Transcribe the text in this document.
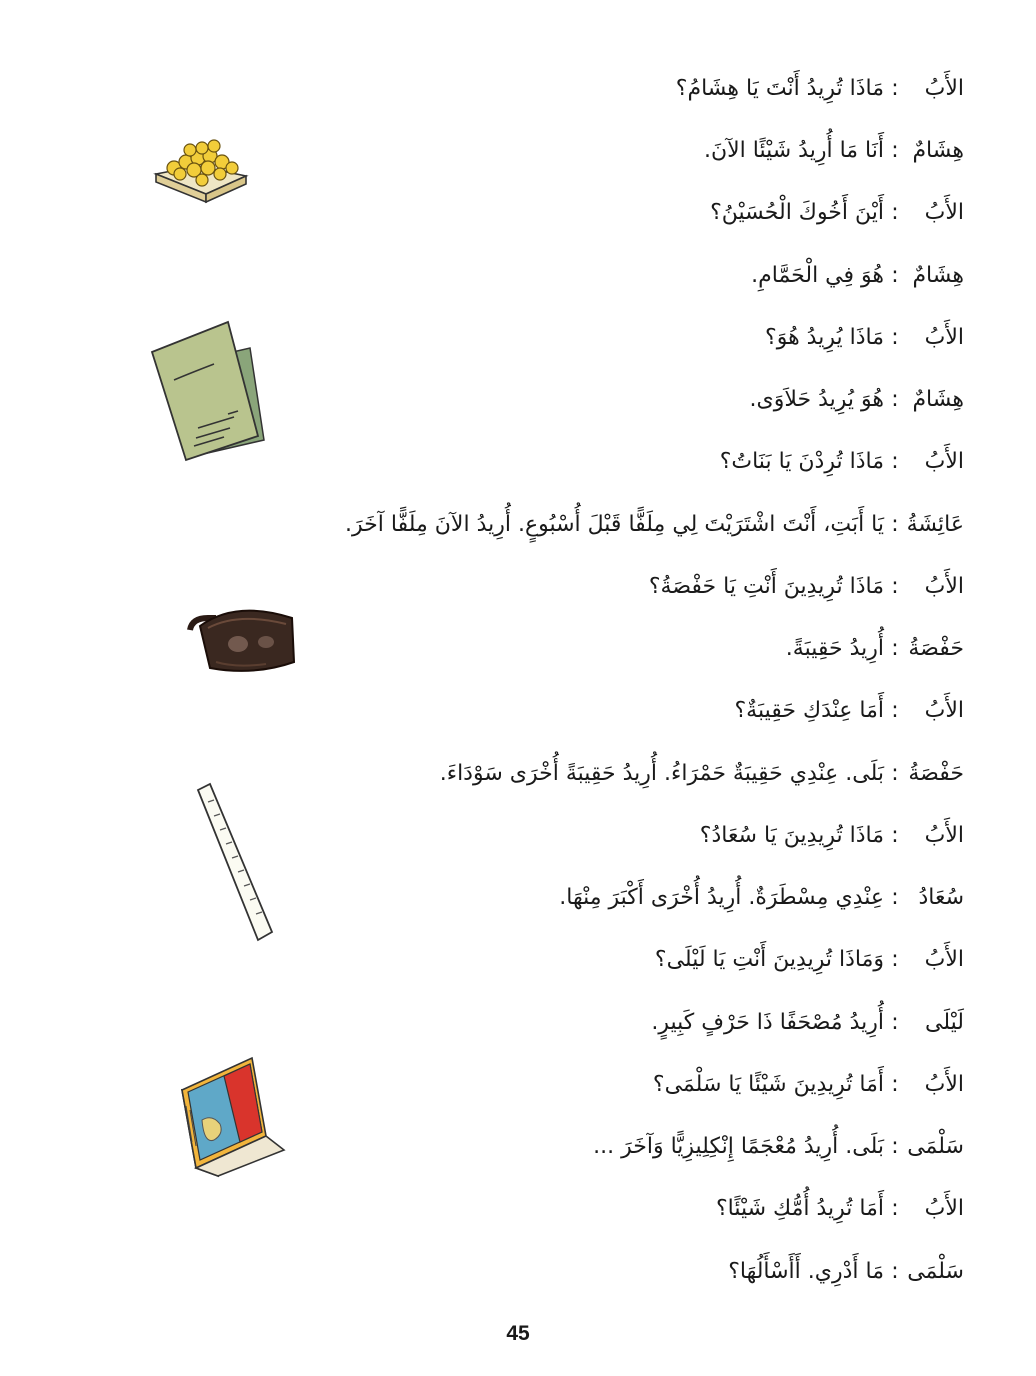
الأَبُ
:
مَاذَا تُرِيدُ أَنْتَ يَا هِشَامُ؟
هِشَامٌ
:
أَنَا مَا أُرِيدُ شَيْئًا الآنَ.
الأَبُ
:
أَيْنَ أَخُوكَ الْحُسَيْنُ؟
هِشَامٌ
:
هُوَ فِي الْحَمَّامِ.
الأَبُ
:
مَاذَا يُرِيدُ هُوَ؟
هِشَامٌ
:
هُوَ يُرِيدُ حَلاَوَى.
الأَبُ
:
مَاذَا تُرِدْنَ يَا بَنَاتُ؟
عَائِشَةُ
:
يَا أَبَتِ، أَنْتَ اشْتَرَيْتَ لِي مِلَفًّا قَبْلَ أُسْبُوعٍ. أُرِيدُ الآنَ مِلَفًّا آخَرَ.
الأَبُ
:
مَاذَا تُرِيدِينَ أَنْتِ يَا حَفْصَةُ؟
حَفْصَةُ
:
أُرِيدُ حَقِيبَةً.
الأَبُ
:
أَمَا عِنْدَكِ حَقِيبَةٌ؟
حَفْصَةُ
:
بَلَى. عِنْدِي حَقِيبَةٌ حَمْرَاءُ. أُرِيدُ حَقِيبَةً أُخْرَى سَوْدَاءَ.
الأَبُ
:
مَاذَا تُرِيدِينَ يَا سُعَادُ؟
سُعَادُ
:
عِنْدِي مِسْطَرَةٌ. أُرِيدُ أُخْرَى أَكْبَرَ مِنْهَا.
الأَبُ
:
وَمَاذَا تُرِيدِينَ أَنْتِ يَا لَيْلَى؟
لَيْلَى
:
أُرِيدُ مُصْحَفًا ذَا حَرْفٍ كَبِيرٍ.
الأَبُ
:
أَمَا تُرِيدِينَ شَيْئًا يَا سَلْمَى؟
سَلْمَى
:
بَلَى. أُرِيدُ مُعْجَمًا إِنْكِلِيزِيًّا وَآخَرَ ...
الأَبُ
:
أَمَا تُرِيدُ أُمُّكِ شَيْئًا؟
سَلْمَى
:
مَا أَدْرِي. أَأَسْأَلُهَا؟
45
